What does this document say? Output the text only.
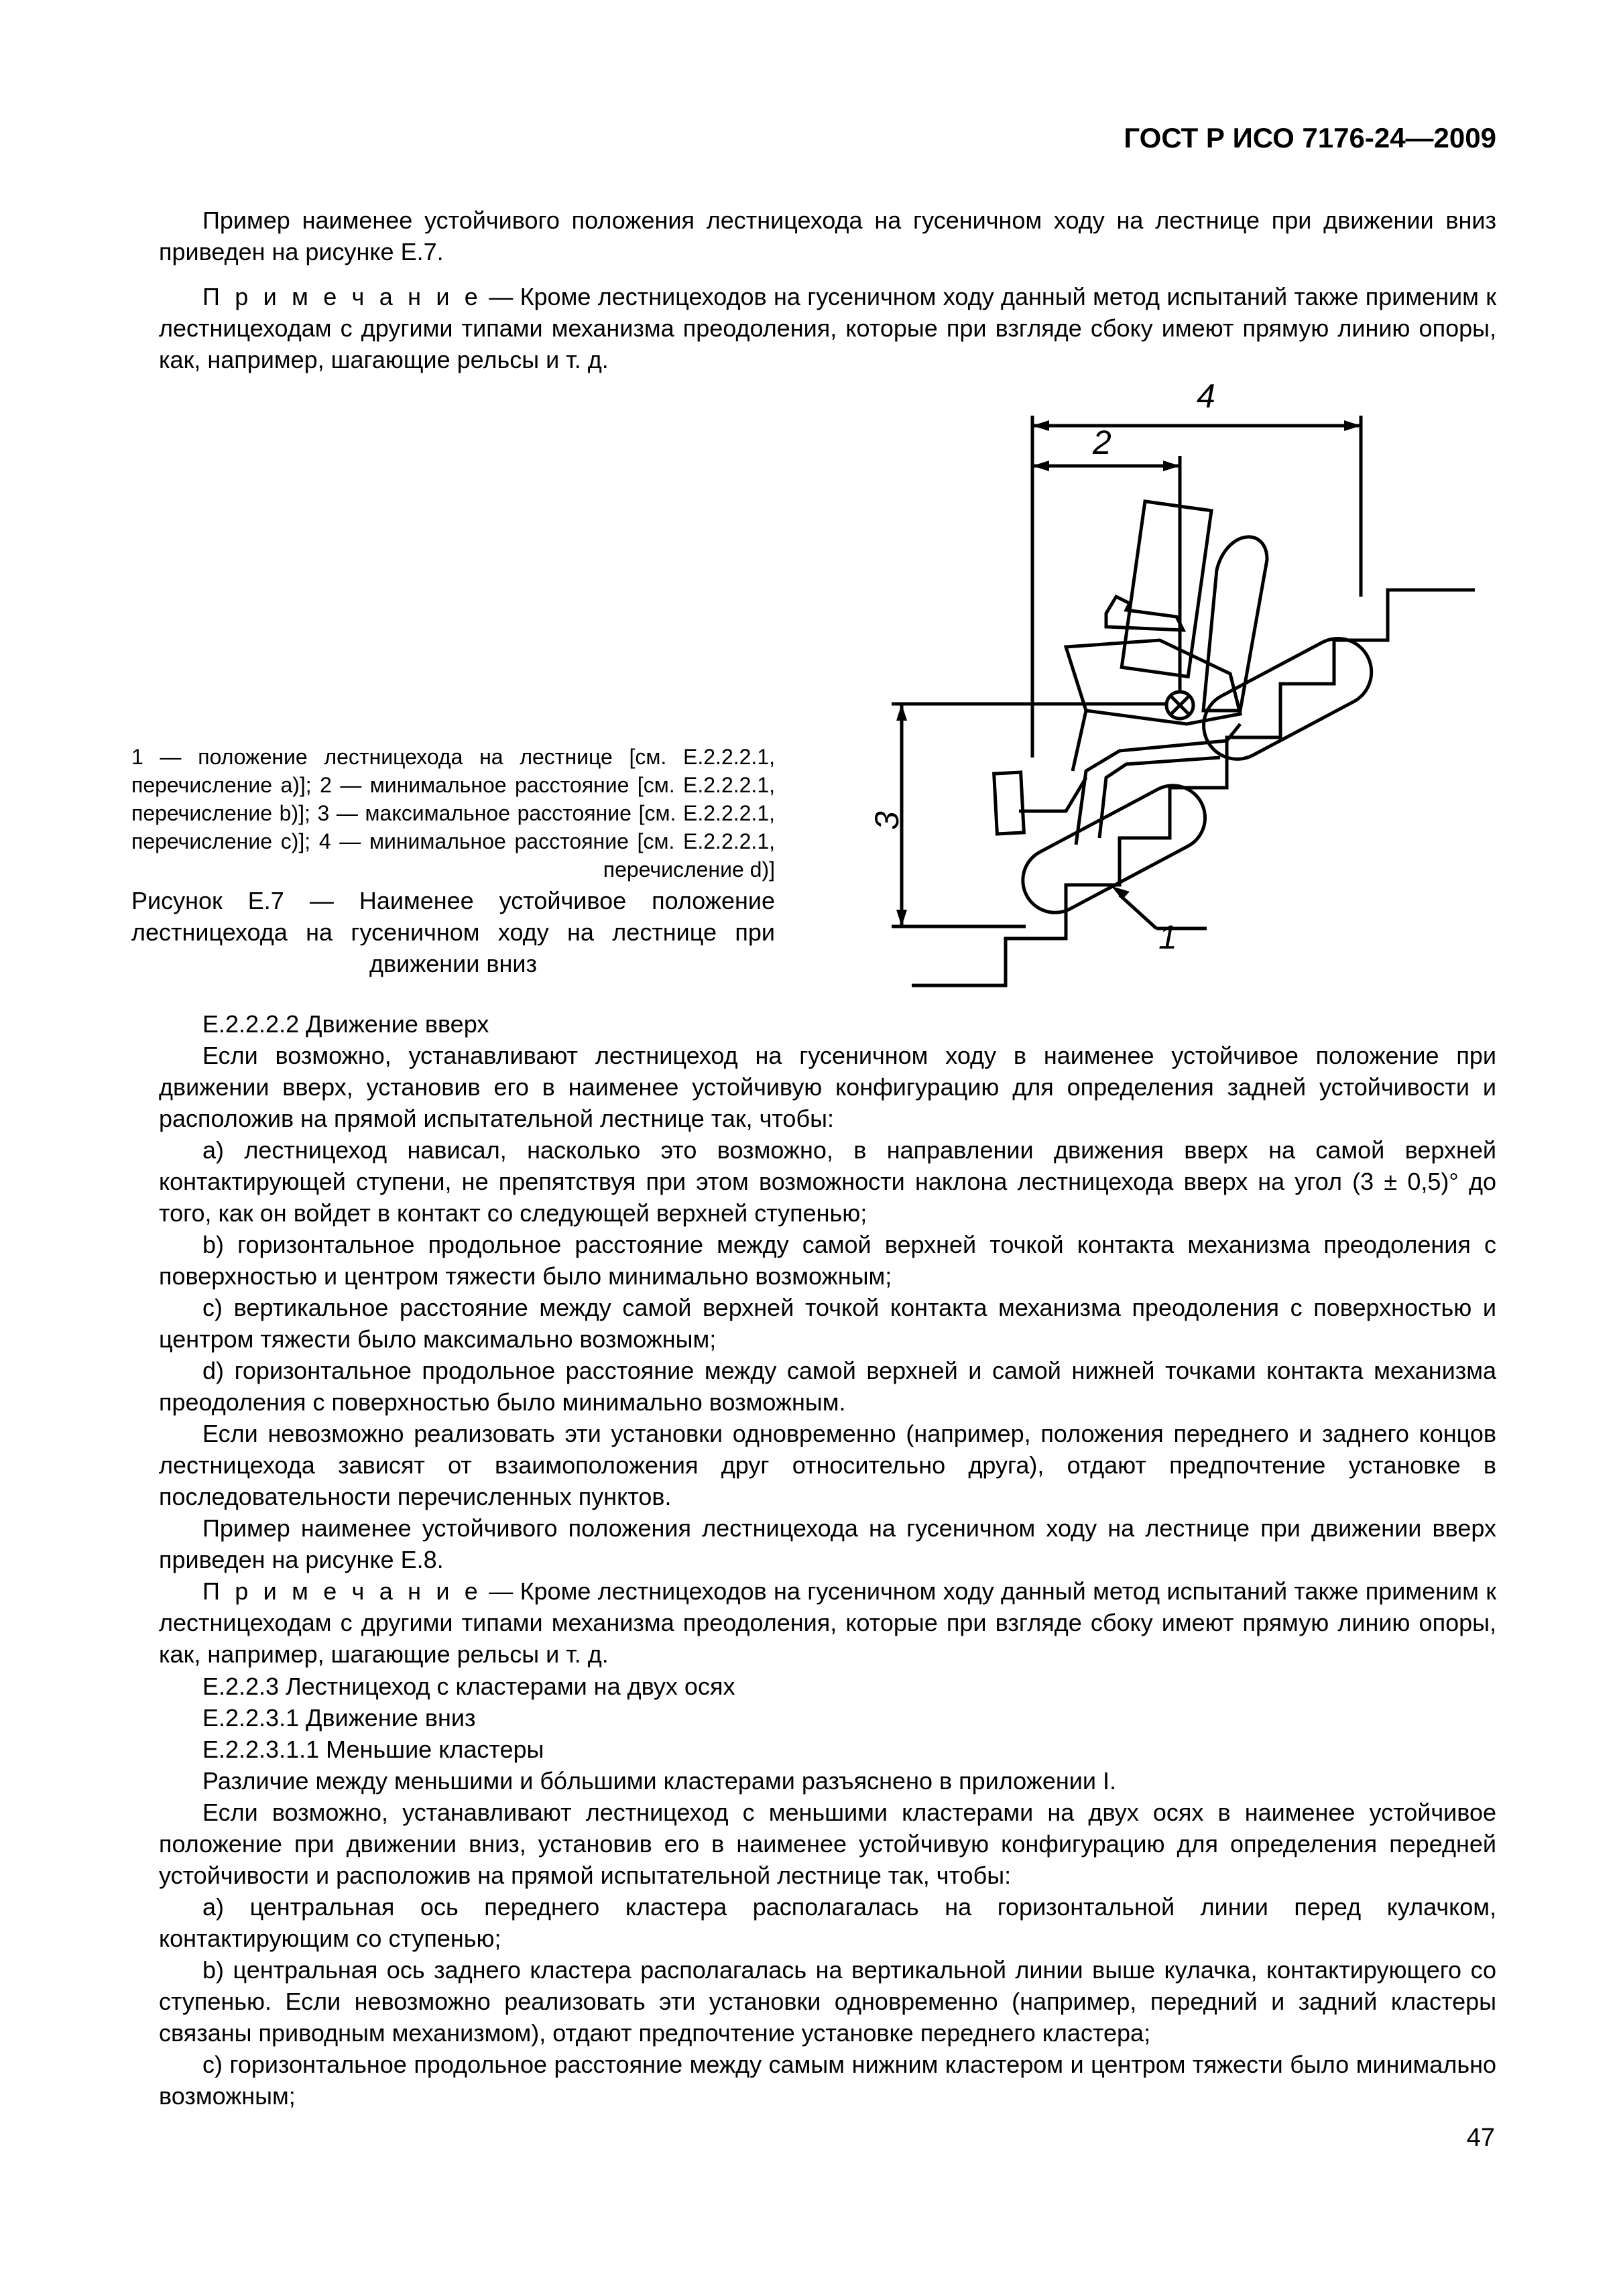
ГОСТ Р ИСО 7176-24—2009

Пример наименее устойчивого положения лестницехода на гусеничном ходу на лестнице при движении вниз приведен на рисунке Е.7.

П р и м е ч а н и е — Кроме лестницеходов на гусеничном ходу данный метод испытаний также применим к лестницеходам с другими типами механизма преодоления, которые при взгляде сбоку имеют прямую линию опоры, как, например, шагающие рельсы и т. д.

4
2
3
1

1 — положение лестницехода на лестнице [см. Е.2.2.2.1, перечисление а)]; 2 — минимальное расстояние [см. Е.2.2.2.1, перечисление b)]; 3 — максимальное расстояние [см. Е.2.2.2.1, перечисление с)]; 4 — минимальное расстояние [см. Е.2.2.2.1, перечисление d)]

Рисунок Е.7 — Наименее устойчивое положение лестницехода на гусеничном ходу на лестнице при движении вниз

Е.2.2.2.2 Движение вверх

Если возможно, устанавливают лестницеход на гусеничном ходу в наименее устойчивое положение при движении вверх, установив его в наименее устойчивую конфигурацию для определения задней устойчивости и расположив на прямой испытательной лестнице так, чтобы:

а) лестницеход нависал, насколько это возможно, в направлении движения вверх на самой верхней контактирующей ступени, не препятствуя при этом возможности наклона лестницехода вверх на угол (3 ± 0,5)° до того, как он войдет в контакт со следующей верхней ступенью;

b) горизонтальное продольное расстояние между самой верхней точкой контакта механизма преодоления с поверхностью и центром тяжести было минимально возможным;

с) вертикальное расстояние между самой верхней точкой контакта механизма преодоления с поверхностью и центром тяжести было максимально возможным;

d) горизонтальное продольное расстояние между самой верхней и самой нижней точками контакта механизма преодоления с поверхностью было минимально возможным.

Если невозможно реализовать эти установки одновременно (например, положения переднего и заднего концов лестницехода зависят от взаимоположения друг относительно друга), отдают предпочтение установке в последовательности перечисленных пунктов.

Пример наименее устойчивого положения лестницехода на гусеничном ходу на лестнице при движении вверх приведен на рисунке Е.8.

П р и м е ч а н и е — Кроме лестницеходов на гусеничном ходу данный метод испытаний также применим к лестницеходам с другими типами механизма преодоления, которые при взгляде сбоку имеют прямую линию опоры, как, например, шагающие рельсы и т. д.

Е.2.2.3 Лестницеход с кластерами на двух осях

Е.2.2.3.1 Движение вниз

Е.2.2.3.1.1 Меньшие кластеры

Различие между меньшими и бóльшими кластерами разъяснено в приложении I.

Если возможно, устанавливают лестницеход с меньшими кластерами на двух осях в наименее устойчивое положение при движении вниз, установив его в наименее устойчивую конфигурацию для определения передней устойчивости и расположив на прямой испытательной лестнице так, чтобы:

а) центральная ось переднего кластера располагалась на горизонтальной линии перед кулачком, контактирующим со ступенью;

b) центральная ось заднего кластера располагалась на вертикальной линии выше кулачка, контактирующего со ступенью. Если невозможно реализовать эти установки одновременно (например, передний и задний кластеры связаны приводным механизмом), отдают предпочтение установке переднего кластера;

с) горизонтальное продольное расстояние между самым нижним кластером и центром тяжести было минимально возможным;

47
